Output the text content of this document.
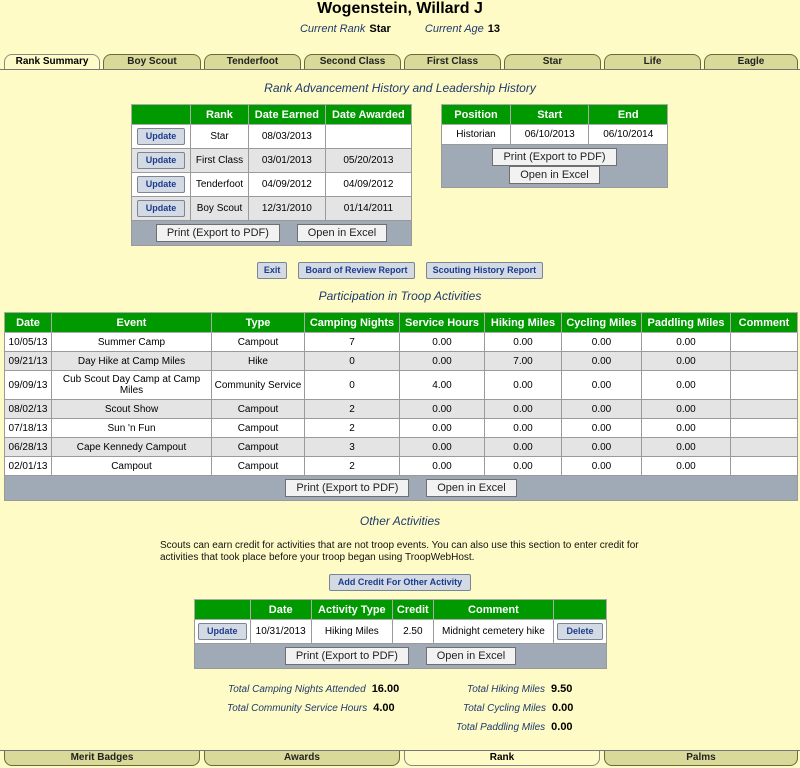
Wogenstein, Willard J
Current Rank Star	Current Age 13
Rank Summary	Boy Scout	Tenderfoot	Second Class	First Class	Star	Life	Eagle
Rank Advancement History and Leadership History
	Rank	Date Earned	Date Awarded
Update	Star	08/03/2013	
Update	First Class	03/01/2013	05/20/2013
Update	Tenderfoot	04/09/2012	04/09/2012
Update	Boy Scout	12/31/2010	01/14/2011
Print (Export to PDF) Open in Excel			
Position	Start	End
Historian	06/10/2013	06/10/2014
Print (Export to PDF) Open in Excel		
Exit	Board of Review Report	Scouting History Report
Participation in Troop Activities
Date	Event	Type	Camping Nights	Service Hours	Hiking Miles	Cycling Miles	Paddling Miles	Comment
10/05/13	Summer Camp	Campout	7	0.00	0.00	0.00	0.00	
09/21/13	Day Hike at Camp Miles	Hike	0	0.00	7.00	0.00	0.00	
09/09/13	Cub Scout Day Camp at Camp Miles	Community Service	0	4.00	0.00	0.00	0.00	
08/02/13	Scout Show	Campout	2	0.00	0.00	0.00	0.00	
07/18/13	Sun 'n Fun	Campout	2	0.00	0.00	0.00	0.00	
06/28/13	Cape Kennedy Campout	Campout	3	0.00	0.00	0.00	0.00	
02/01/13	Campout	Campout	2	0.00	0.00	0.00	0.00	
Print (Export to PDF) Open in Excel								
Other Activities
Scouts can earn credit for activities that are not troop events. You can also use this section to enter credit for activities that took place before your troop began using TroopWebHost.
Add Credit For Other Activity
	Date	Activity Type	Credit	Comment	
Update	10/31/2013	Hiking Miles	2.50	Midnight cemetery hike	Delete
Print (Export to PDF) Open in Excel					
Total Camping Nights Attended 16.00
Total Community Service Hours 4.00
Total Hiking Miles 9.50
Total Cycling Miles 0.00
Total Paddling Miles 0.00
Merit Badges	Awards	Rank	Palms
